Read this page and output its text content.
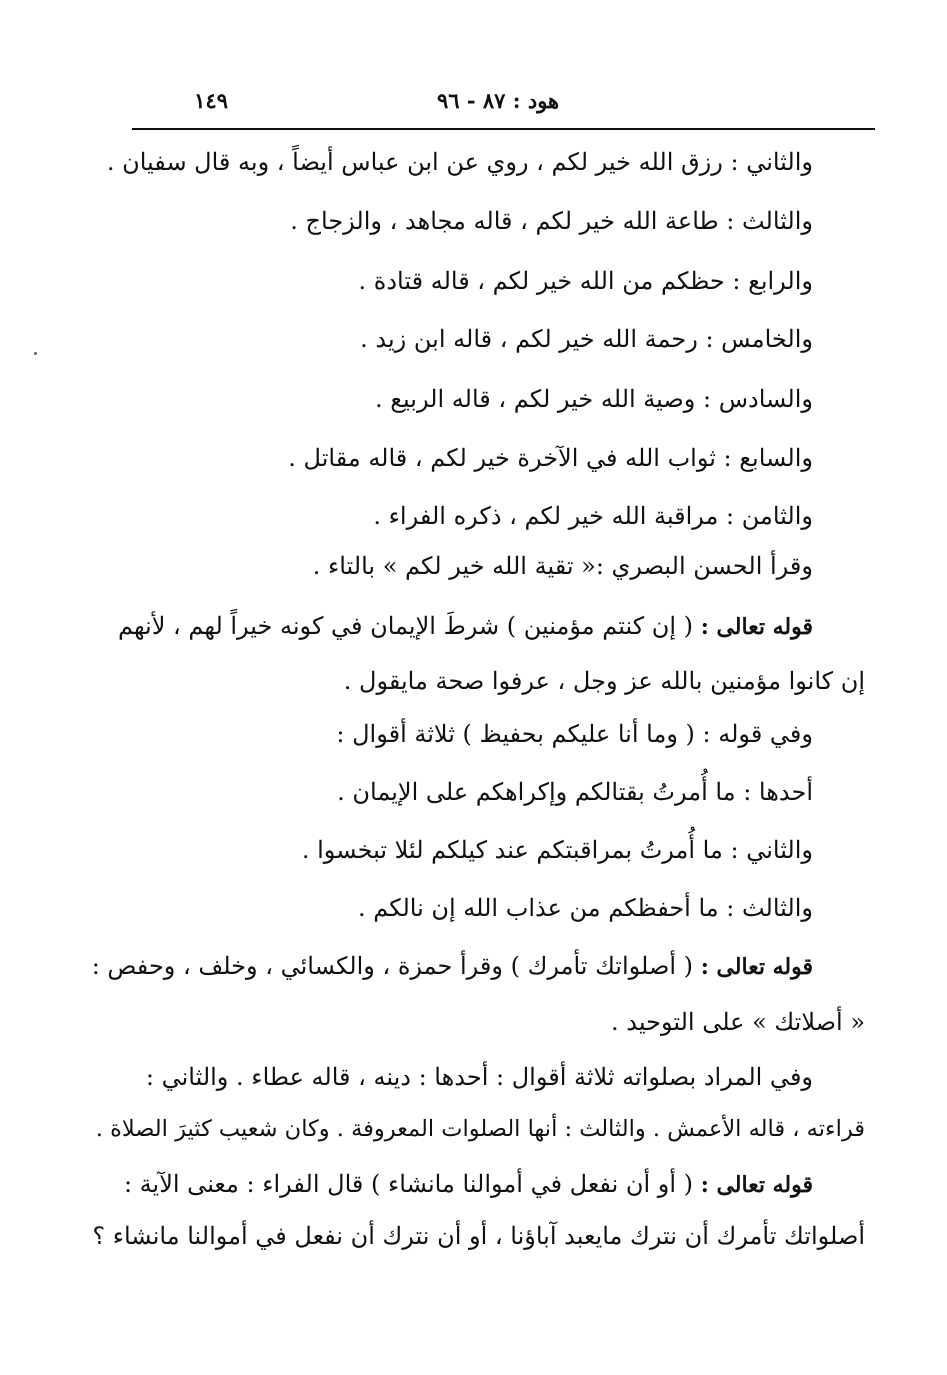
١٤٩	هود : ٨٧ - ٩٦
والثاني : رزق الله خير لكم ، روي عن ابن عباس أيضاً ، وبه قال سفيان .
والثالث : طاعة الله خير لكم ، قاله مجاهد ، والزجاج .
والرابع : حظكم من الله خير لكم ، قاله قتادة .
والخامس : رحمة الله خير لكم ، قاله ابن زيد .
والسادس : وصية الله خير لكم ، قاله الربيع .
والسابع : ثواب الله في الآخرة خير لكم ، قاله مقاتل .
والثامن : مراقبة الله خير لكم ، ذكره الفراء .
وقرأ الحسن البصري :« تقية الله خير لكم » بالتاء .
قوله تعالى : ( إن كنتم مؤمنين ) شرطَ الإيمان في كونه خيراً لهم ، لأنهم
إن كانوا مؤمنين بالله عز وجل ، عرفوا صحة مايقول .
وفي قوله : ( وما أنا عليكم بحفيظ ) ثلاثة أقوال :
أحدها : ما أُمرتُ بقتالكم وإكراهكم على الإيمان .
والثاني : ما أُمرتُ بمراقبتكم عند كيلكم لئلا تبخسوا .
والثالث : ما أحفظكم من عذاب الله إن نالكم .
قوله تعالى : ( أصلواتك تأمرك ) وقرأ حمزة ، والكسائي ، وخلف ، وحفص :
« أصلاتك » على التوحيد .
وفي المراد بصلواته ثلاثة أقوال : أحدها : دينه ، قاله عطاء . والثاني :
قراءته ، قاله الأعمش . والثالث : أنها الصلوات المعروفة . وكان شعيب كثيرَ الصلاة .
قوله تعالى : ( أو أن نفعل في أموالنا مانشاء ) قال الفراء : معنى الآية :
أصلواتك تأمرك أن نترك مايعبد آباؤنا ، أو أن نترك أن نفعل في أموالنا مانشاء ؟
